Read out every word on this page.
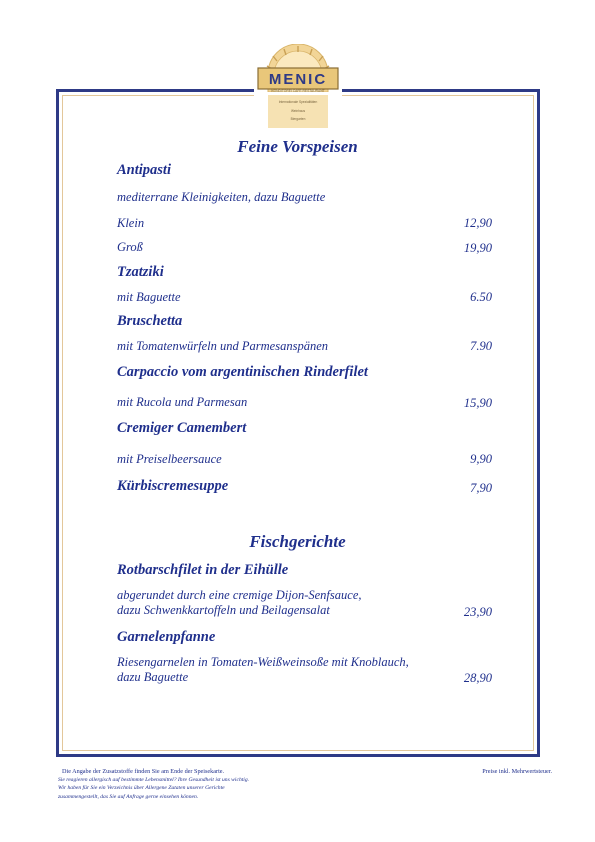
MENIC
KONDITOREI CAFÉ RESTAURANT
Internationale Spezialitäten
Weinhaus
Biergarten
Feine Vorspeisen
Antipasti
mediterrane Kleinigkeiten, dazu Baguette
Klein	12,90
Groß	19,90
Tzatziki
mit Baguette	6.50
Bruschetta
mit Tomatenwürfeln und Parmesanspänen	7.90
Carpaccio vom argentinischen Rinderfilet
mit Rucola und Parmesan	15,90
Cremiger Camembert
mit Preiselbeersauce	9,90
Kürbiscremesuppe	7,90
Fischgerichte
Rotbarschfilet in der Eihülle
abgerundet durch eine cremige Dijon-Senfsauce,
dazu Schwenkkartoffeln und Beilagensalat	23,90
Garnelenpfanne
Riesengarnelen in Tomaten-Weißweinsoße mit Knoblauch,
dazu Baguette	28,90
Die Angabe der Zusatzstoffe finden Sie am Ende der Speisekarte.	Preise inkl. Mehrwertsteuer.
Sie reagieren allergisch auf bestimmte Lebensmittel? Ihre Gesundheit ist uns wichtig.
Wir haben für Sie ein Verzeichnis über Allergene Zutaten unserer Gerichte
zusammengestellt, das Sie auf Anfrage gerne einsehen können.
